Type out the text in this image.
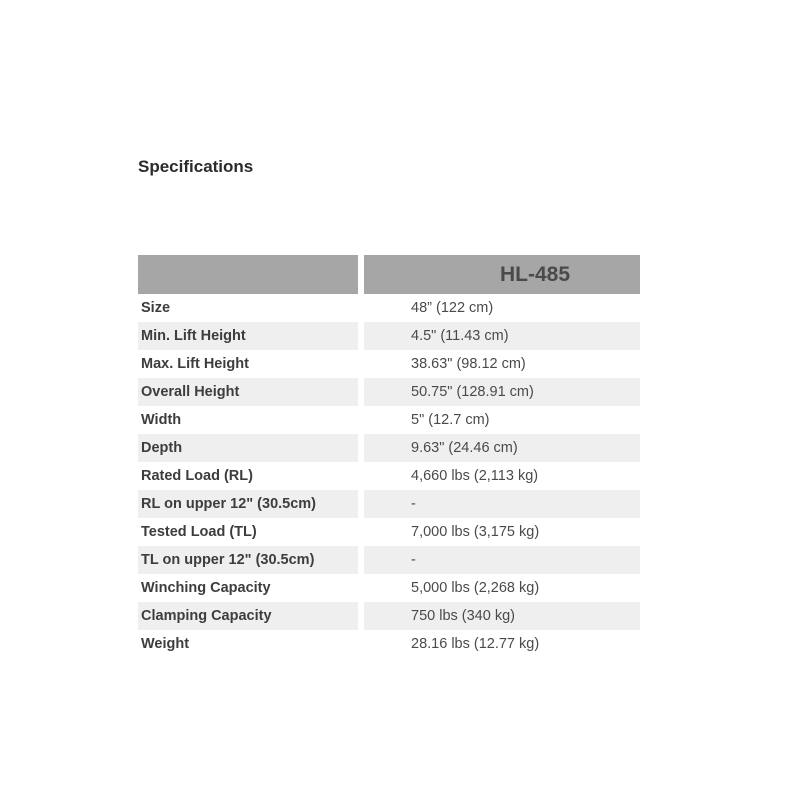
Specifications
		HL-485
Size		48” (122 cm)
Min. Lift Height		4.5" (11.43 cm)
Max. Lift Height		38.63" (98.12 cm)
Overall Height		50.75" (128.91 cm)
Width		5" (12.7 cm)
Depth		9.63" (24.46 cm)
Rated Load (RL)		4,660 lbs (2,113 kg)
RL on upper 12" (30.5cm)		-
Tested Load (TL)		7,000 lbs (3,175 kg)
TL on upper 12" (30.5cm)		-
Winching Capacity		5,000 lbs (2,268 kg)
Clamping Capacity		750 lbs (340 kg)
Weight		28.16 lbs (12.77 kg)
